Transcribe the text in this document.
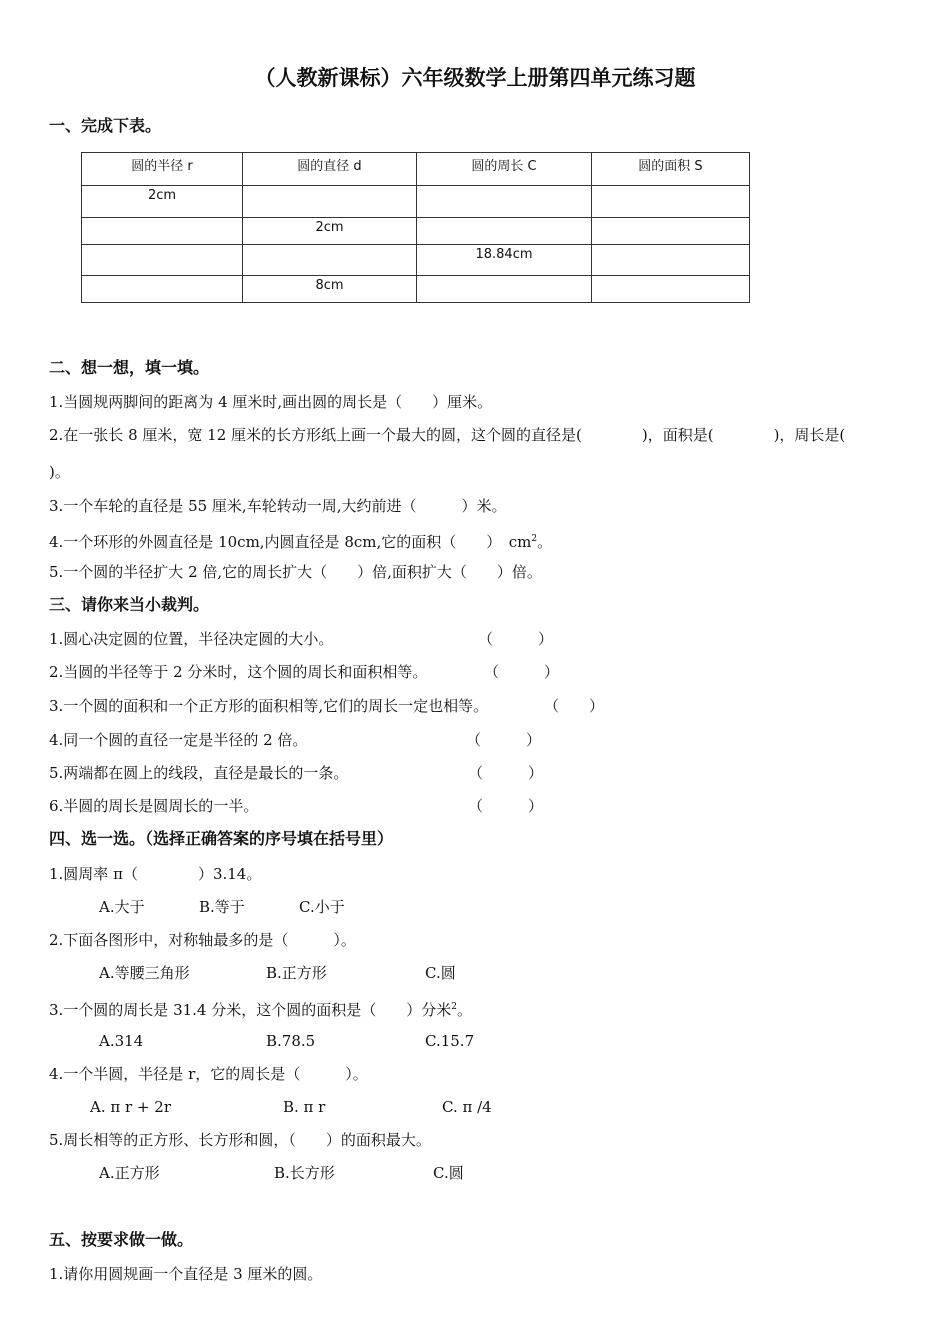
（人教新课标）六年级数学上册第四单元练习题
一、完成下表。
圆的半径 r	圆的直径 d	圆的周长 C	圆的面积 S

2cm			

	2cm		

		18.84cm	

	8cm		

二、想一想，填一填。
1.当圆规两脚间的距离为 4 厘米时,画出圆的周长是（　　）厘米。
2.在一张长 8 厘米，宽 12 厘米的长方形纸上画一个最大的圆，这个圆的直径是(　　　　)，面积是(　　　　)，周长是(
)。
3.一个车轮的直径是 55 厘米,车轮转动一周,大约前进（　　　）米。
4.一个环形的外圆直径是 10cm,内圆直径是 8cm,它的面积（　　）　$cm^2$。
5.一个圆的半径扩大 2 倍,它的周长扩大（　　）倍,面积扩大（　　）倍。
三、请你来当小裁判。
1.圆心决定圆的位置，半径决定圆的大小。	（　　　）
2.当圆的半径等于 2 分米时，这个圆的周长和面积相等。	（　　　）
3.一个圆的面积和一个正方形的面积相等,它们的周长一定也相等。	（　　）
4.同一个圆的直径一定是半径的 2 倍。	（　　　）
5.两端都在圆上的线段，直径是最长的一条。	（　　　）
6.半圆的周长是圆周长的一半。	（　　　）
四、选一选。（选择正确答案的序号填在括号里）
1.圆周率 π（　　　　）3.14。
A.大于	B.等于	C.小于
2.下面各图形中，对称轴最多的是（　　　）。
A.等腰三角形	B.正方形	C.圆
3.一个圆的周长是 31.4 分米，这个圆的面积是（　　）分米$^2$。
A.314	B.78.5	C.15.7
4.一个半圆，半径是 r，它的周长是（　　　）。
A. π r + 2r	B. π r	C. π /4
5.周长相等的正方形、长方形和圆，（　　）的面积最大。
A.正方形	B.长方形	C.圆
五、按要求做一做。
1.请你用圆规画一个直径是 3 厘米的圆。
